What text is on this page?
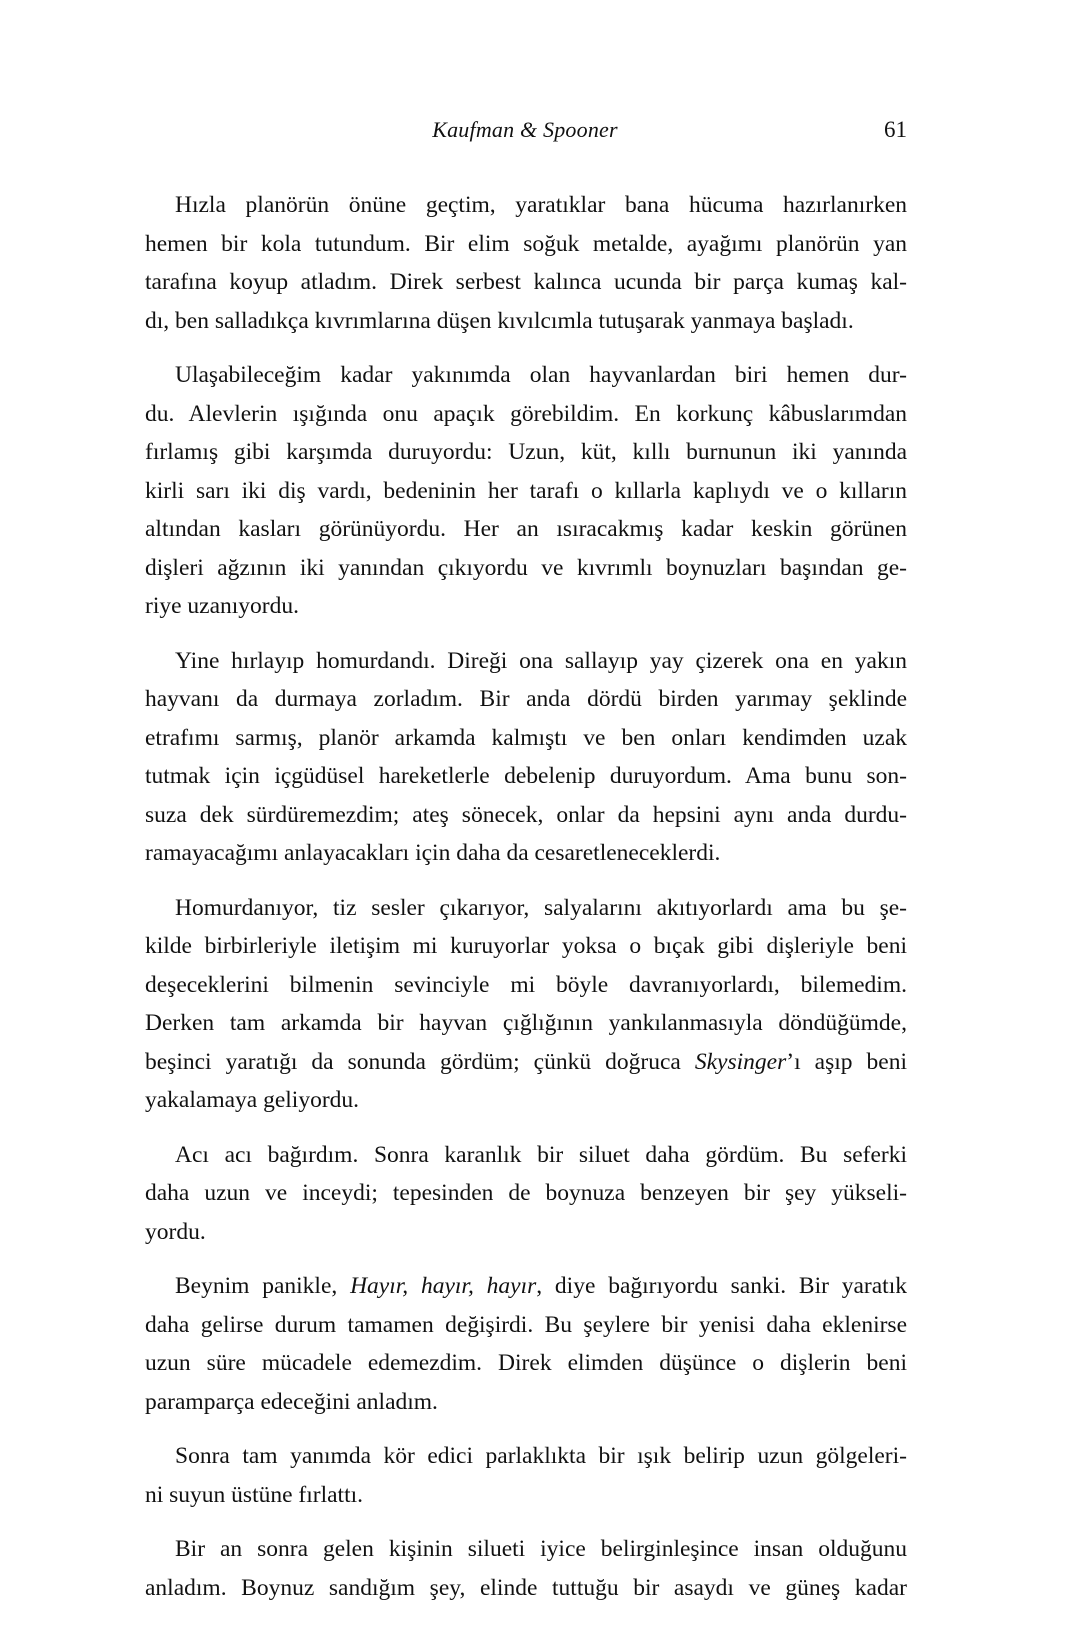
Kaufman & Spooner	61

Hızla planörün önüne geçtim, yaratıklar bana hücuma hazırlanırken
hemen bir kola tutundum. Bir elim soğuk metalde, ayağımı planörün yan
tarafına koyup atladım. Direk serbest kalınca ucunda bir parça kumaş kal-
dı, ben salladıkça kıvrımlarına düşen kıvılcımla tutuşarak yanmaya başladı.

Ulaşabileceğim kadar yakınımda olan hayvanlardan biri hemen dur-
du. Alevlerin ışığında onu apaçık görebildim. En korkunç kâbuslarımdan
fırlamış gibi karşımda duruyordu: Uzun, küt, kıllı burnunun iki yanında
kirli sarı iki diş vardı, bedeninin her tarafı o kıllarla kaplıydı ve o kılların
altından kasları görünüyordu. Her an ısıracakmış kadar keskin görünen
dişleri ağzının iki yanından çıkıyordu ve kıvrımlı boynuzları başından ge-
riye uzanıyordu.

Yine hırlayıp homurdandı. Direği ona sallayıp yay çizerek ona en yakın
hayvanı da durmaya zorladım. Bir anda dördü birden yarımay şeklinde
etrafımı sarmış, planör arkamda kalmıştı ve ben onları kendimden uzak
tutmak için içgüdüsel hareketlerle debelenip duruyordum. Ama bunu son-
suza dek sürdüremezdim; ateş sönecek, onlar da hepsini aynı anda durdu-
ramayacağımı anlayacakları için daha da cesaretleneceklerdi.

Homurdanıyor, tiz sesler çıkarıyor, salyalarını akıtıyorlardı ama bu şe-
kilde birbirleriyle iletişim mi kuruyorlar yoksa o bıçak gibi dişleriyle beni
deşeceklerini bilmenin sevinciyle mi böyle davranıyorlardı, bilemedim.
Derken tam arkamda bir hayvan çığlığının yankılanmasıyla döndüğümde,
beşinci yaratığı da sonunda gördüm; çünkü doğruca Skysinger’ı aşıp beni
yakalamaya geliyordu.

Acı acı bağırdım. Sonra karanlık bir siluet daha gördüm. Bu seferki
daha uzun ve inceydi; tepesinden de boynuza benzeyen bir şey yükseli-
yordu.

Beynim panikle, Hayır, hayır, hayır, diye bağırıyordu sanki. Bir yaratık
daha gelirse durum tamamen değişirdi. Bu şeylere bir yenisi daha eklenirse
uzun süre mücadele edemezdim. Direk elimden düşünce o dişlerin beni
paramparça edeceğini anladım.

Sonra tam yanımda kör edici parlaklıkta bir ışık belirip uzun gölgeleri-
ni suyun üstüne fırlattı.

Bir an sonra gelen kişinin silueti iyice belirginleşince insan olduğunu
anladım. Boynuz sandığım şey, elinde tuttuğu bir asaydı ve güneş kadar
